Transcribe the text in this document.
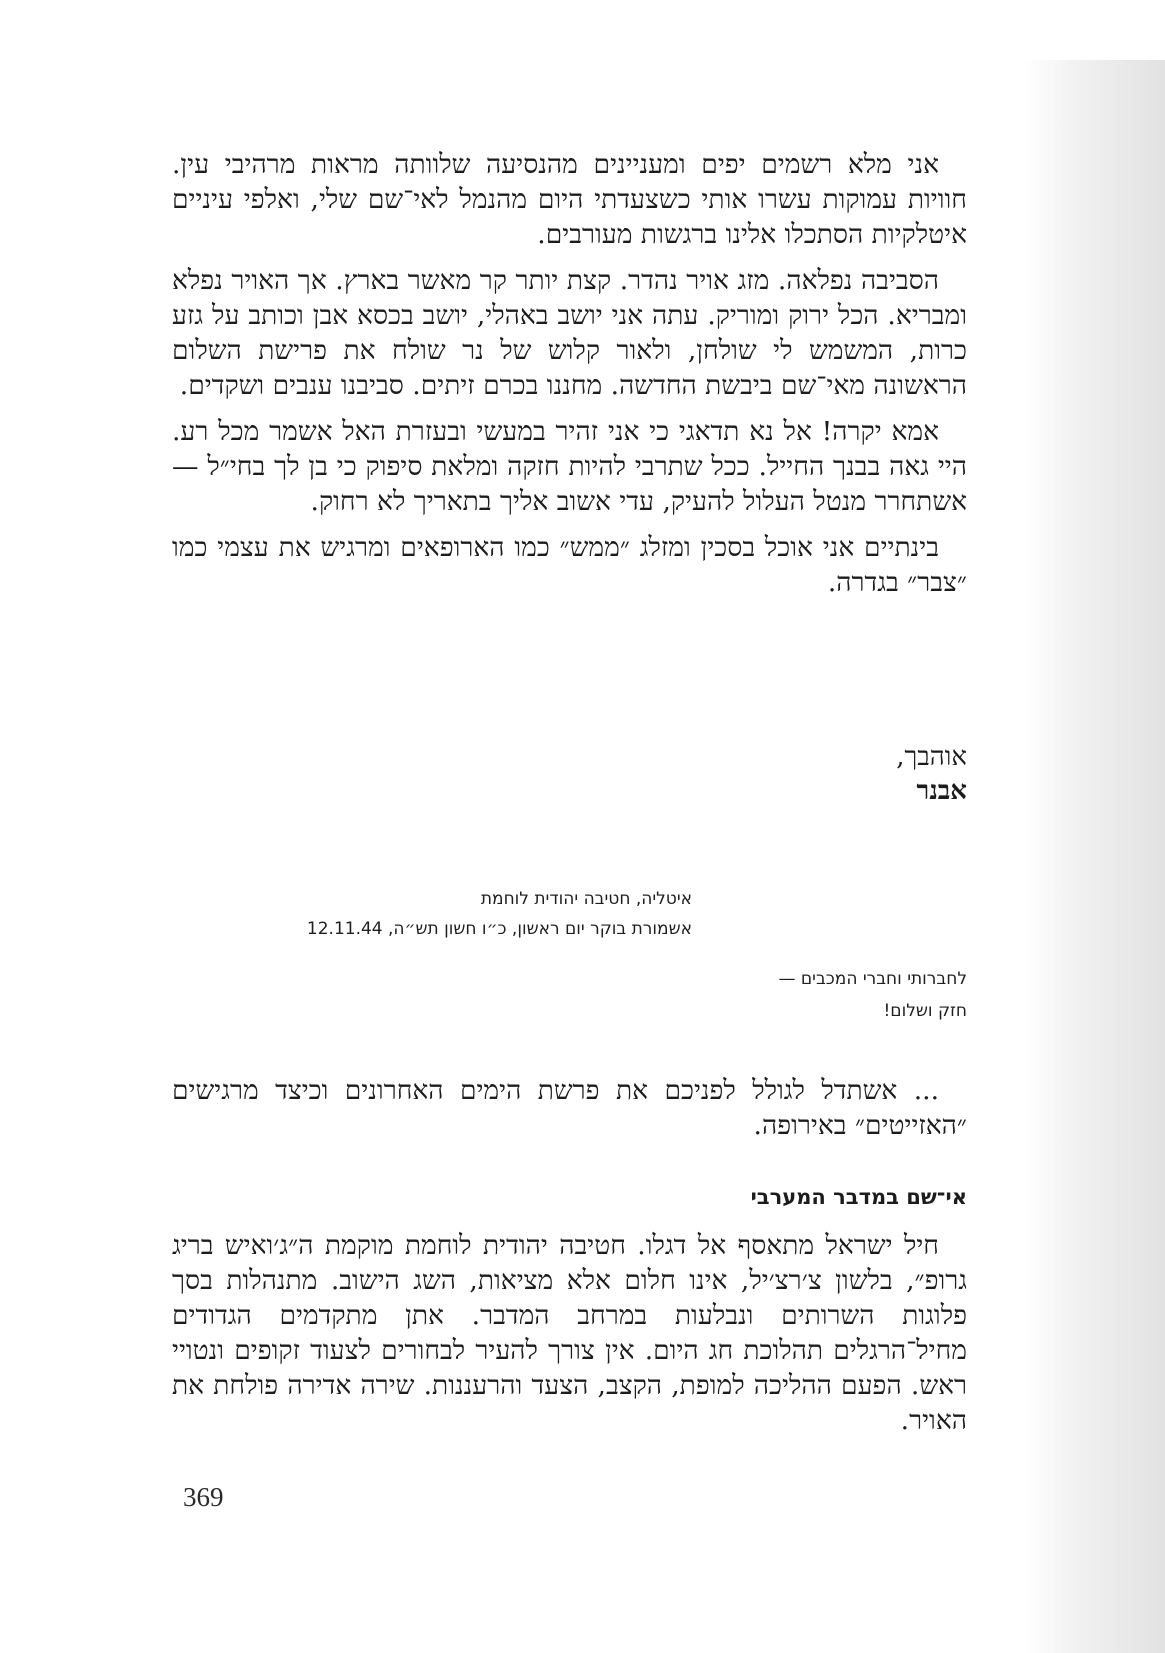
אני מלא רשמים יפים ומעניינים מהנסיעה שלוותה מראות מרהיבי עין. חוויות עמוקות עשרו אותי כשצעדתי היום מהנמל לאי־שם שלי, ואלפי עיניים איטלקיות הסתכלו אלינו ברגשות מעורבים.

הסביבה נפלאה. מזג אויר נהדר. קצת יותר קר מאשר בארץ. אך האויר נפלא ומבריא. הכל ירוק ומוריק. עתה אני יושב באהלי, יושב בכסא אבן וכותב על גזע כרות, המשמש לי שולחן, ולאור קלוש של נר שולח את פרישת השלום הראשונה מאי־שם ביבשת החדשה. מחננו בכרם זיתים. סביבנו ענבים ושקדים.

אמא יקרה! אל נא תדאגי כי אני זהיר במעשי ובעזרת האל אשמר מכל רע. היי גאה בבנך החייל. ככל שתרבי להיות חזקה ומלאת סיפוק כי בן לך בחי״ל — אשתחרר מנטל העלול להעיק, עדי אשוב אליך בתאריך לא רחוק.

בינתיים אני אוכל בסכין ומזלג ״ממש״ כמו הארופאים ומרגיש את עצמי כמו ״צבר״ בגדרה.

אוהבך,
אבנר
איטליה, חטיבה יהודית לוחמת
אשמורת בוקר יום ראשון, כ״ו חשון תש״ה, 12.11.44
לחברותי וחברי המכבים —
חזק ושלום!

... אשתדל לגולל לפניכם את פרשת הימים האחרונים וכיצד מרגישים ״האזייטים״ באירופה.

אי־שם במדבר המערבי

חיל ישראל מתאסף אל דגלו. חטיבה יהודית לוחמת מוקמת ה״ג׳ואיש בריג גרופ״, בלשון צ׳רצ׳יל, אינו חלום אלא מציאות, השג הישוב. מתנהלות בסך פלוגות השרותים ונבלעות במרחב המדבר. אתן מתקדמים הגדודים מחיל־הרגלים תהלוכת חג היום. אין צורך להעיר לבחורים לצעוד זקופים ונטויי ראש. הפעם ההליכה למופת, הקצב, הצעד והרעננות. שירה אדירה פולחת את האויר.

369
